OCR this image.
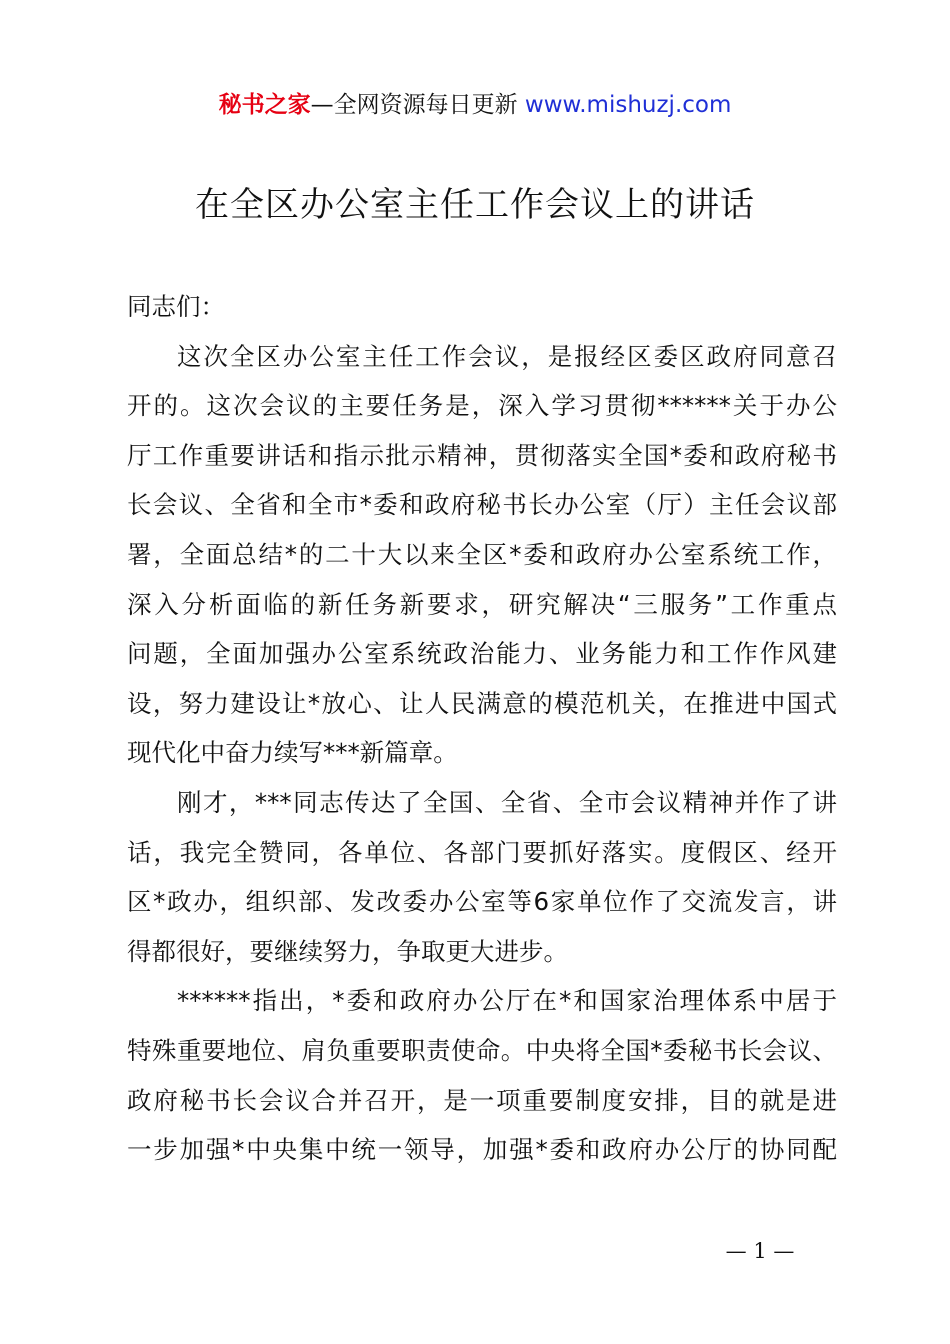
秘书之家—全网资源每日更新 www.mishuzj.com
在全区办公室主任工作会议上的讲话
同志们：
这次全区办公室主任工作会议，是报经区委区政府同意召
开的。这次会议的主要任务是，深入学习贯彻******关于办公
厅工作重要讲话和指示批示精神，贯彻落实全国*委和政府秘书
长会议、全省和全市*委和政府秘书长办公室（厅）主任会议部
署，全面总结*的二十大以来全区*委和政府办公室系统工作，
深入分析面临的新任务新要求，研究解决“三服务”工作重点
问题，全面加强办公室系统政治能力、业务能力和工作作风建
设，努力建设让*放心、让人民满意的模范机关，在推进中国式
现代化中奋力续写***新篇章。
刚才，***同志传达了全国、全省、全市会议精神并作了讲
话，我完全赞同，各单位、各部门要抓好落实。度假区、经开
区*政办，组织部、发改委办公室等6家单位作了交流发言，讲
得都很好，要继续努力，争取更大进步。
******指出，*委和政府办公厅在*和国家治理体系中居于
特殊重要地位、肩负重要职责使命。中央将全国*委秘书长会议、
政府秘书长会议合并召开，是一项重要制度安排，目的就是进
一步加强*中央集中统一领导，加强*委和政府办公厅的协同配
— 1 —
